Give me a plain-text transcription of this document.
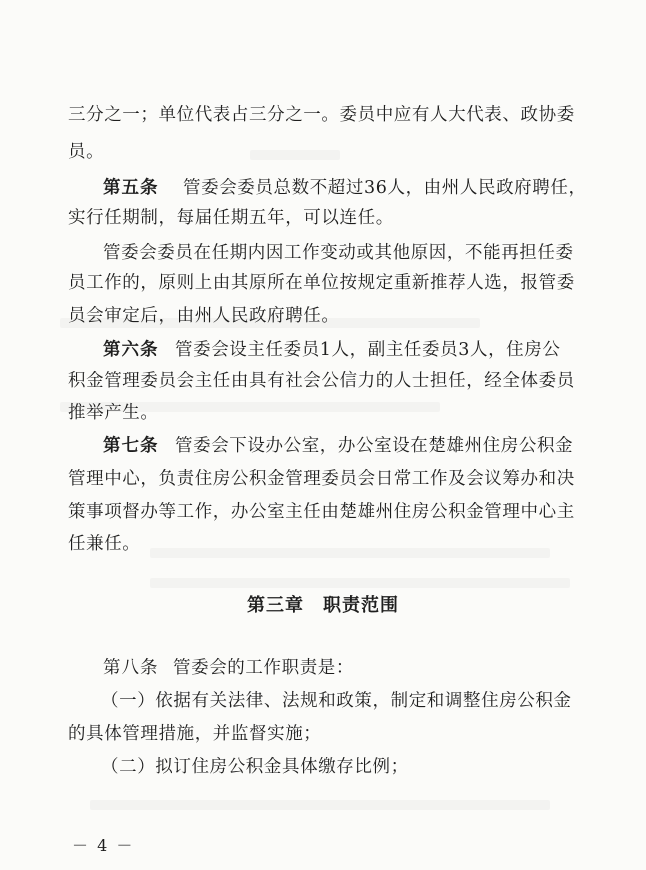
三分之一；单位代表占三分之一。委员中应有人大代表、政协委
员。
第五条 管委会委员总数不超过36人，由州人民政府聘任，
实行任期制，每届任期五年，可以连任。
管委会委员在任期内因工作变动或其他原因，不能再担任委
员工作的，原则上由其原所在单位按规定重新推荐人选，报管委
员会审定后，由州人民政府聘任。
第六条 管委会设主任委员1人，副主任委员3人，住房公
积金管理委员会主任由具有社会公信力的人士担任，经全体委员
推举产生。
第七条 管委会下设办公室，办公室设在楚雄州住房公积金
管理中心，负责住房公积金管理委员会日常工作及会议筹办和决
策事项督办等工作，办公室主任由楚雄州住房公积金管理中心主
任兼任。
第三章　职责范围
第八条 管委会的工作职责是：
（一）依据有关法律、法规和政策，制定和调整住房公积金
的具体管理措施，并监督实施；
（二）拟订住房公积金具体缴存比例；
－ 4 －
